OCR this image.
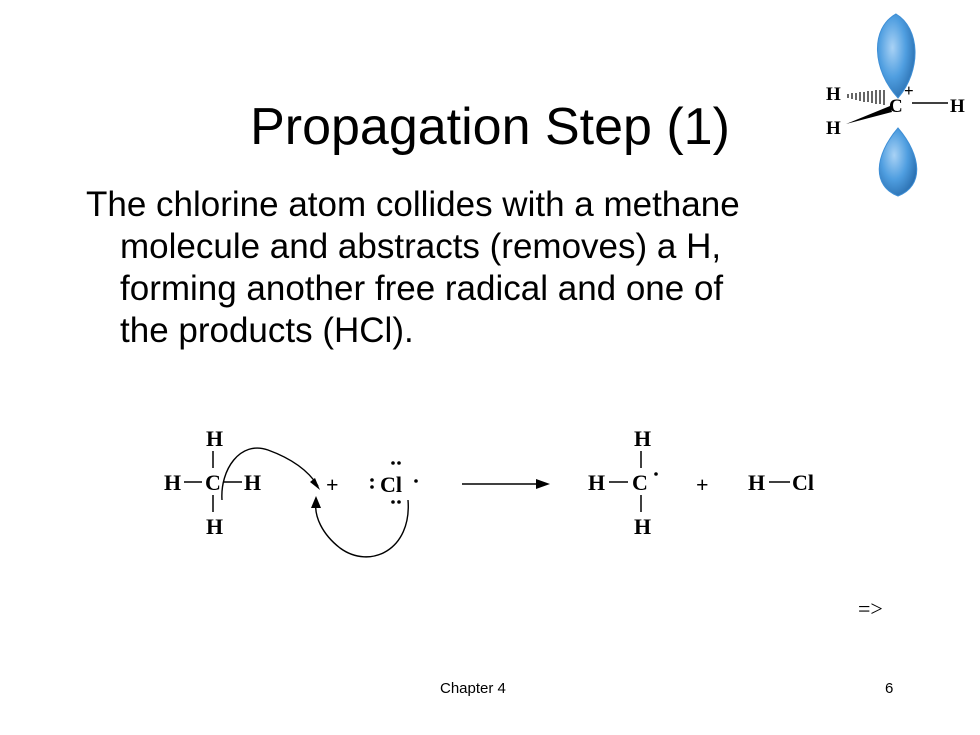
Propagation Step (1)
The chlorine atom collides with a methane
molecule and abstracts (removes) a H,
forming another free radical and one of
the products (HCl).
H
H
C H
+
H
H C H
H
+ Cl
H
H C
H
+ H Cl
=>
Chapter 4	6
